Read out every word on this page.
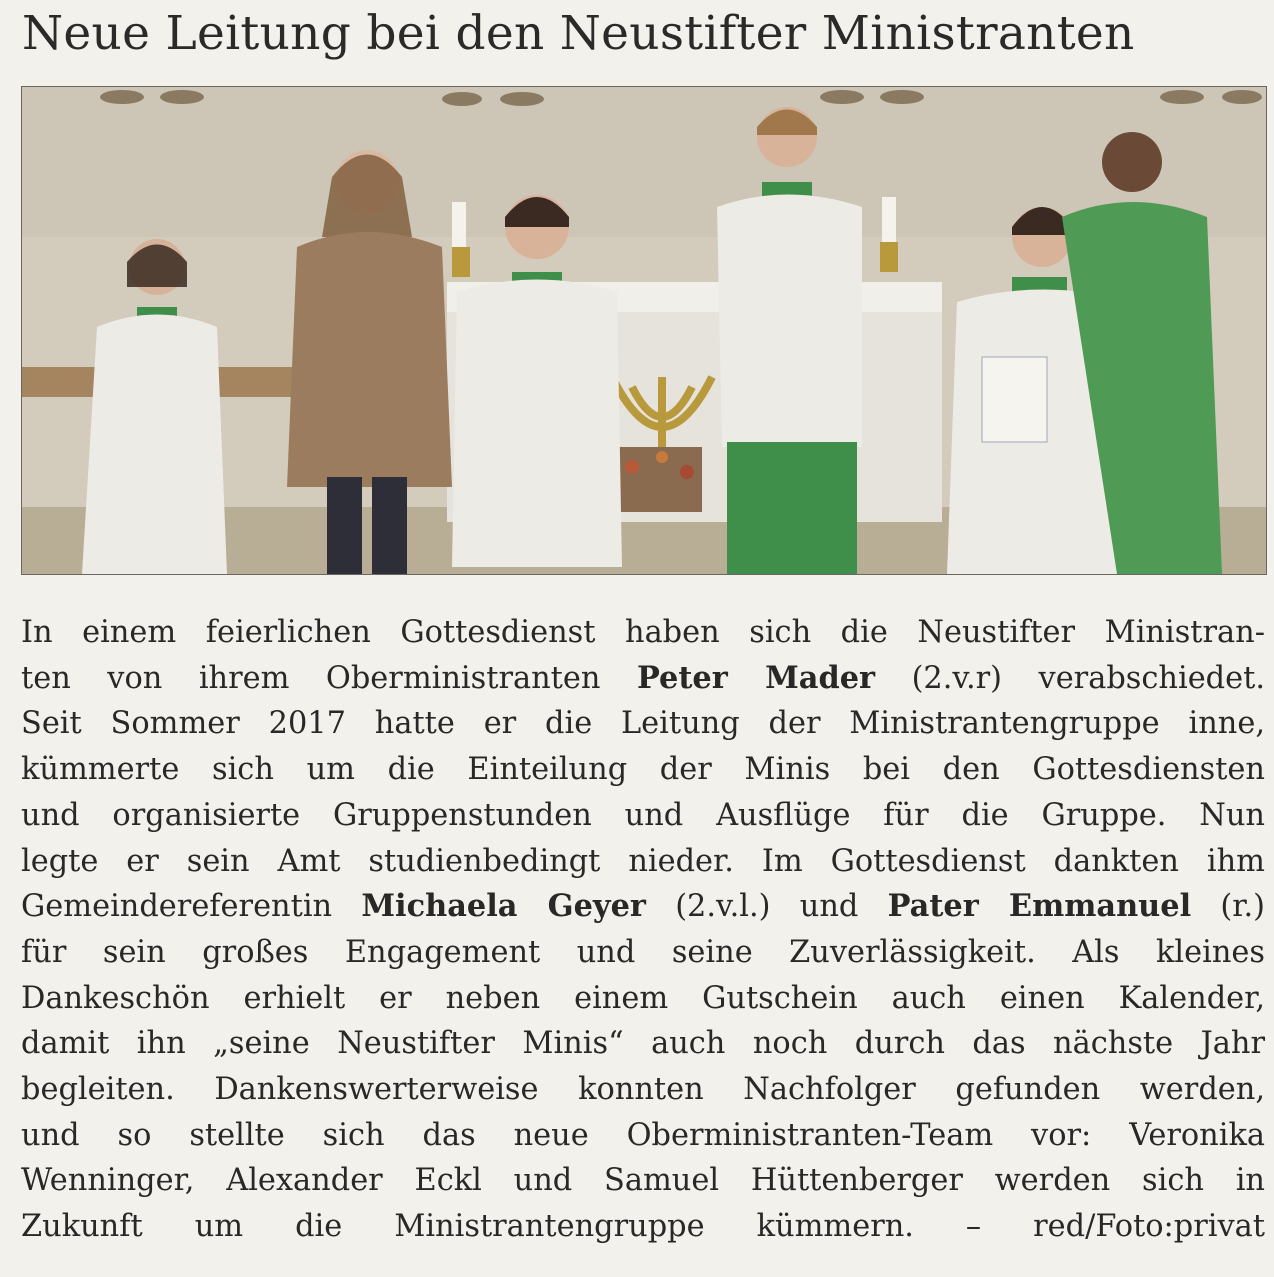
Neue Leitung bei den Neustifter Ministranten
In einem feierlichen Gottesdienst haben sich die Neustifter Ministran-
ten von ihrem Oberministranten Peter Mader (2.v.r) verabschiedet.
Seit Sommer 2017 hatte er die Leitung der Ministrantengruppe inne,
kümmerte sich um die Einteilung der Minis bei den Gottesdiensten
und organisierte Gruppenstunden und Ausflüge für die Gruppe. Nun
legte er sein Amt studienbedingt nieder. Im Gottesdienst dankten ihm
Gemeindereferentin Michaela Geyer (2.v.l.) und Pater Emmanuel (r.)
für sein großes Engagement und seine Zuverlässigkeit. Als kleines
Dankeschön erhielt er neben einem Gutschein auch einen Kalender,
damit ihn „seine Neustifter Minis“ auch noch durch das nächste Jahr
begleiten. Dankenswerterweise konnten Nachfolger gefunden werden,
und so stellte sich das neue Oberministranten-Team vor: Veronika
Wenninger, Alexander Eckl und Samuel Hüttenberger werden sich in
Zukunft um die Ministrantengruppe kümmern. – red/Foto:privat
